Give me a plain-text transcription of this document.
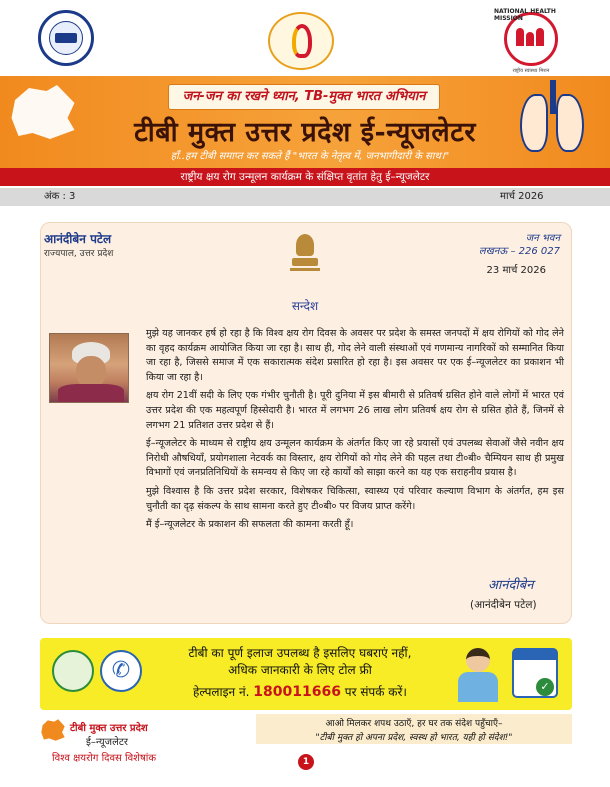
NATIONAL HEALTH MISSION
राष्ट्रीय स्वास्थ्य मिशन
जन-जन का रखने ध्यान, TB-मुक्त भारत अभियान
टीबी मुक्त उत्तर प्रदेश ई-न्यूजलेटर
हाँ..हम टीबी समाप्त कर सकते हैं "भारत के नेतृत्व में, जनभागीदारी के साथ।"
राष्ट्रीय क्षय रोग उन्मूलन कार्यक्रम के संक्षिप्त वृतांत हेतु ई–न्यूजलेटर
अंक : 3	मार्च 2026
आनंदीबेन पटेल
राज्यपाल, उत्तर प्रदेश
जन भवन
लखनऊ – 226 027
23 मार्च 2026
सन्देश

मुझे यह जानकर हर्ष हो रहा है कि विश्व क्षय रोग दिवस के अवसर पर प्रदेश के समस्त जनपदों में क्षय रोगियों को गोद लेने का वृहद कार्यक्रम आयोजित किया जा रहा है। साथ ही, गोद लेने वाली संस्थाओं एवं गणमान्य नागरिकों को सम्मानित किया जा रहा है, जिससे समाज में एक सकारात्मक संदेश प्रसारित हो रहा है। इस अवसर पर एक ई–न्यूजलेटर का प्रकाशन भी किया जा रहा है।

क्षय रोग 21वीं सदी के लिए एक गंभीर चुनौती है। पूरी दुनिया में इस बीमारी से प्रतिवर्ष ग्रसित होने वाले लोगों में भारत एवं उत्तर प्रदेश की एक महत्वपूर्ण हिस्सेदारी है। भारत में लगभग 26 लाख लोग प्रतिवर्ष क्षय रोग से ग्रसित होते हैं, जिनमें से लगभग 21 प्रतिशत उत्तर प्रदेश से हैं।

ई–न्यूजलेटर के माध्यम से राष्ट्रीय क्षय उन्मूलन कार्यक्रम के अंतर्गत किए जा रहे प्रयासों एवं उपलब्ध सेवाओं जैसे नवीन क्षय निरोधी औषधियाँ, प्रयोगशाला नेटवर्क का विस्तार, क्षय रोगियों को गोद लेने की पहल तथा टी०बी० चैम्पियन साथ ही प्रमुख विभागों एवं जनप्रतिनिधियों के समन्वय से किए जा रहे कार्यों को साझा करने का यह एक सराहनीय प्रयास है।

मुझे विश्वास है कि उत्तर प्रदेश सरकार, विशेषकर चिकित्सा, स्वास्थ्य एवं परिवार कल्याण विभाग के अंतर्गत, हम इस चुनौती का दृढ़ संकल्प के साथ सामना करते हुए टी०बी० पर विजय प्राप्त करेंगे।

मैं ई–न्यूजलेटर के प्रकाशन की सफलता की कामना करती हूँ।

आनंदीबेन
(आनंदीबेन पटेल)
✆
टीबी का पूर्ण इलाज उपलब्ध है इसलिए घबराएं नहीं,
अधिक जानकारी के लिए टोल फ्री
हेल्पलाइन नं. 180011666 पर संपर्क करें।	✓
टीबी मुक्त उत्तर प्रदेश
ई–न्यूजलेटर
विश्व क्षयरोग दिवस विशेषांक
आओ मिलकर शपथ उठाएँ, हर घर तक संदेश पहुँचाएँ–
"टीबी मुक्त हो अपना प्रदेश, स्वस्थ हो भारत, यही हो संदेश!"
1
